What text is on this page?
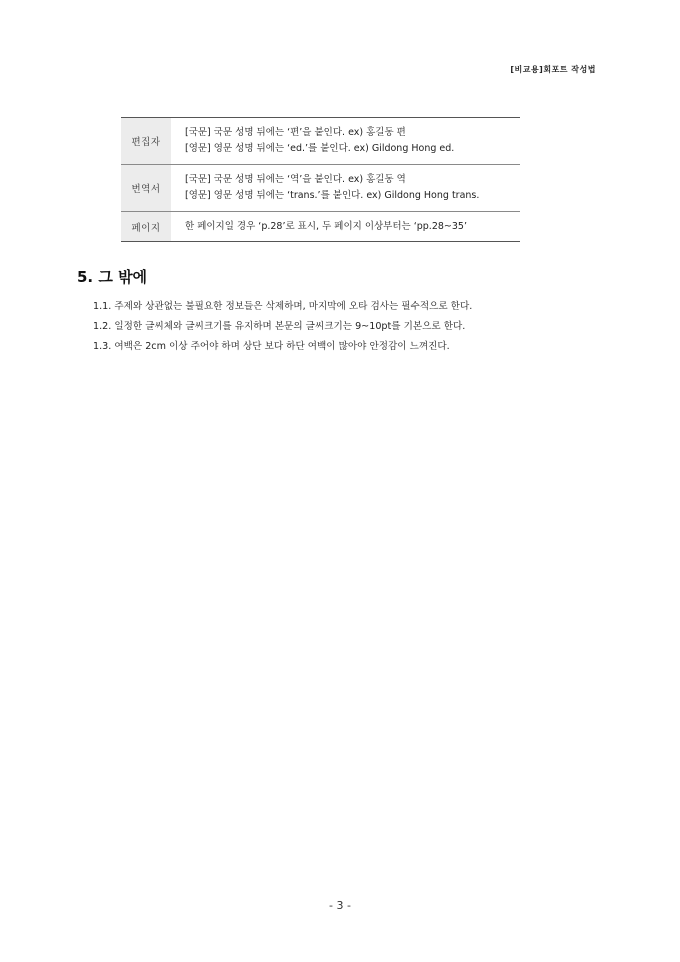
[비교용]회포트 작성법
편집자	[국문] 국문 성명 뒤에는 ‘편’을 붙인다. ex) 홍길동 편
[영문] 영문 성명 뒤에는 ‘ed.’를 붙인다. ex) Gildong Hong ed.

번역서	[국문] 국문 성명 뒤에는 ‘역’을 붙인다. ex) 홍길동 역
[영문] 영문 성명 뒤에는 ‘trans.’를 붙인다. ex) Gildong Hong trans.

페이지	한 페이지일 경우 ‘p.28’로 표시, 두 페이지 이상부터는 ‘pp.28~35’
5. 그 밖에
1.1. 주제와 상관없는 불필요한 정보들은 삭제하며, 마지막에 오타 검사는 필수적으로 한다.
1.2. 일정한 글씨체와 글씨크기를 유지하며 본문의 글씨크기는 9~10pt를 기본으로 한다.
1.3. 여백은 2cm 이상 주어야 하며 상단 보다 하단 여백이 많아야 안정감이 느껴진다.
- 3 -
